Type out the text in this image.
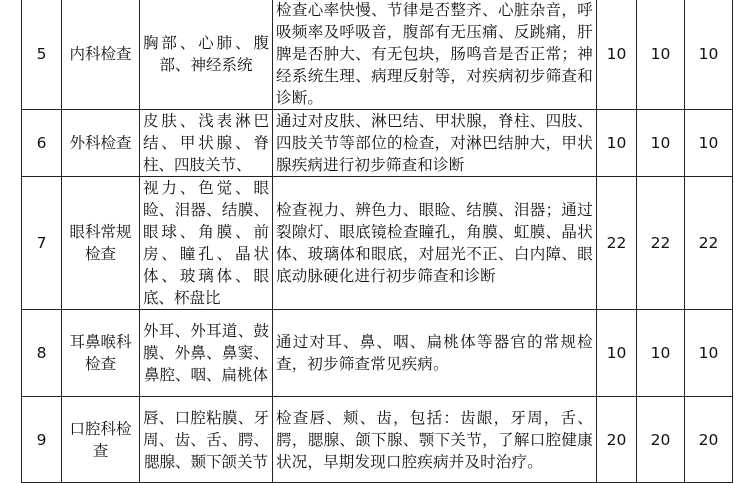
5	内科检查	胸部、心肺、腹部、神经系统	检查心率快慢、节律是否整齐、心脏杂音，呼吸频率及呼吸音，腹部有无压痛、反跳痛，肝脾是否肿大、有无包块，肠鸣音是否正常；神经系统生理、病理反射等，对疾病初步筛查和诊断。	10	10	10
6	外科检查	皮肤、浅表淋巴结、甲状腺、脊柱、四肢关节、	通过对皮肤、淋巴结、甲状腺，脊柱、四肢、四肢关节等部位的检查，对淋巴结肿大，甲状腺疾病进行初步筛查和诊断	10	10	10
7	眼科常规检查	视力、色觉、眼睑、泪器、结膜、眼球、角膜、前房、瞳孔、晶状体、玻璃体、眼底、杯盘比	检查视力、辨色力、眼睑、结膜、泪器；通过裂隙灯、眼底镜检查瞳孔，角膜、虹膜、晶状体、玻璃体和眼底，对屈光不正、白内障、眼底动脉硬化进行初步筛查和诊断	22	22	22
8	耳鼻喉科检查	外耳、外耳道、鼓膜、外鼻、鼻窦、鼻腔、咽、扁桃体	通过对耳、鼻、咽、扁桃体等器官的常规检查，初步筛查常见疾病。	10	10	10
9	口腔科检查	唇、口腔粘膜、牙周、齿、舌、腭、腮腺、颞下颌关节	检查唇、颊、齿，包括：齿龈，牙周，舌、腭，腮腺、颌下腺、颚下关节，了解口腔健康状况，早期发现口腔疾病并及时治疗。	20	20	20
